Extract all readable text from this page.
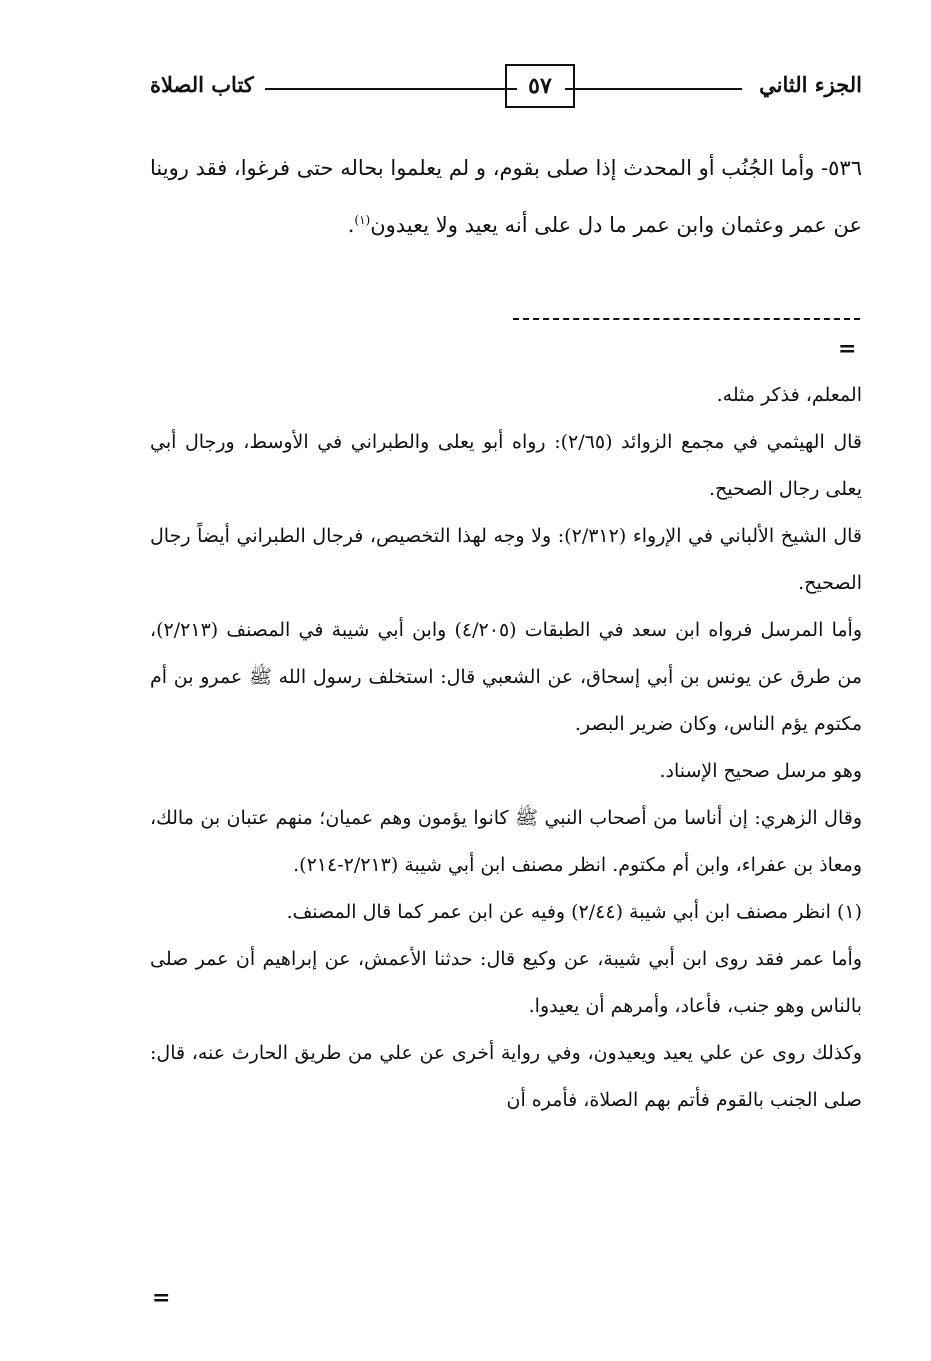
الجزء الثاني
٥٧
كتاب الصلاة
٥٣٦- وأما الجُنُب أو المحدث إذا صلى بقوم، و لم يعلموا بحاله حتى فرغوا، فقد روينا عن عمر وعثمان وابن عمر ما دل على أنه يعيد ولا يعيدون$^{(١)}$.
=

المعلم، فذكر مثله.

قال الهيثمي في مجمع الزوائد (٢/٦٥): رواه أبو يعلى والطبراني في الأوسط، ورجال أبي يعلى رجال الصحيح.

قال الشيخ الألباني في الإرواء (٢/٣١٢): ولا وجه لهذا التخصيص، فرجال الطبراني أيضاً رجال الصحيح.

وأما المرسل فرواه ابن سعد في الطبقات (٤/٢٠٥) وابن أبي شيبة في المصنف (٢/٢١٣)، من طرق عن يونس بن أبي إسحاق، عن الشعبي قال: استخلف رسول الله ﷺ عمرو بن أم مكتوم يؤم الناس، وكان ضرير البصر.

وهو مرسل صحيح الإسناد.

وقال الزهري: إن أناسا من أصحاب النبي ﷺ كانوا يؤمون وهم عميان؛ منهم عتبان بن مالك، ومعاذ بن عفراء، وابن أم مكتوم. انظر مصنف ابن أبي شيبة (٢/٢١٣-٢١٤).

(١) انظر مصنف ابن أبي شيبة (٢/٤٤) وفيه عن ابن عمر كما قال المصنف.

وأما عمر فقد روى ابن أبي شيبة، عن وكيع قال: حدثنا الأعمش، عن إبراهيم أن عمر صلى بالناس وهو جنب، فأعاد، وأمرهم أن يعيدوا.

وكذلك روى عن علي يعيد ويعيدون، وفي رواية أخرى عن علي من طريق الحارث عنه، قال: صلى الجنب بالقوم فأتم بهم الصلاة، فأمره أن

=
